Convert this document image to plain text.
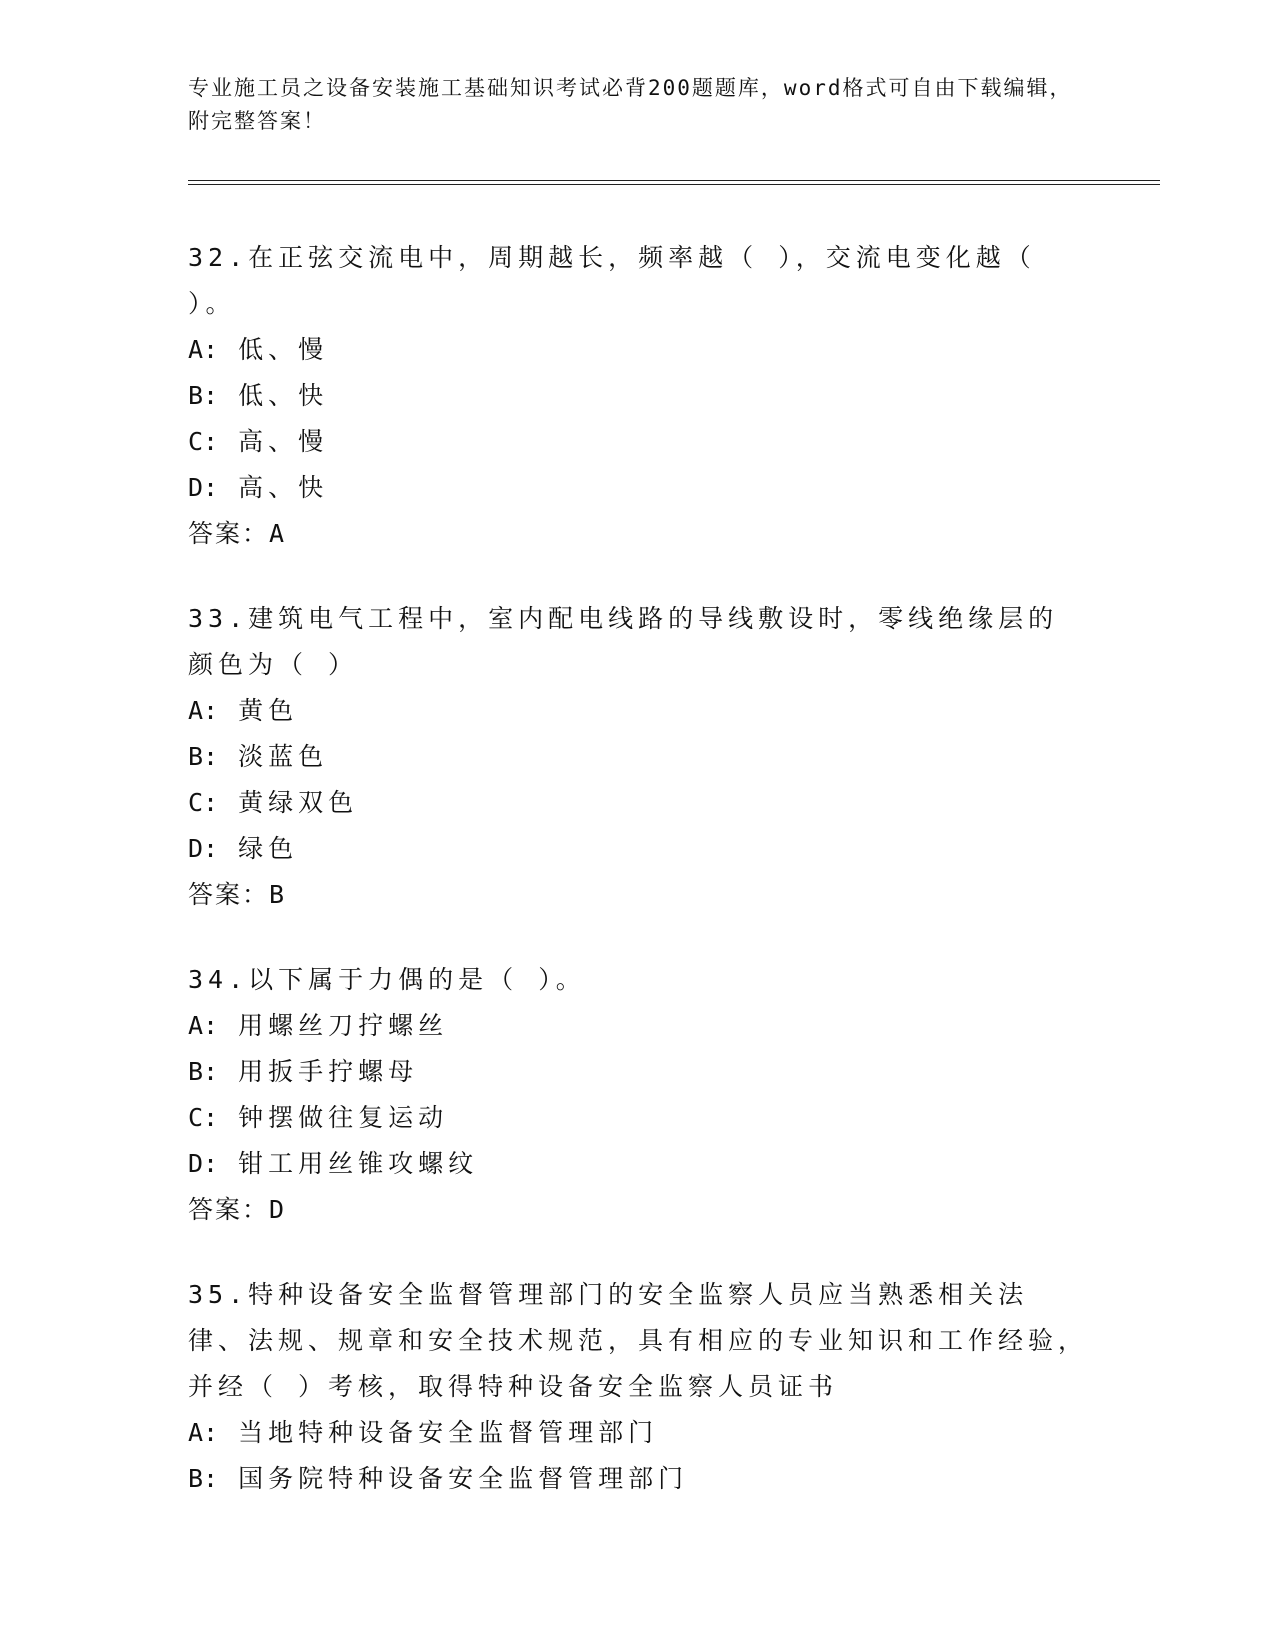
专业施工员之设备安装施工基础知识考试必背200题题库，word格式可自由下载编辑，附完整答案！
32.在正弦交流电中，周期越长，频率越（ ），交流电变化越（ ）。
A: 低、慢
B: 低、快
C: 高、慢
D: 高、快
答案：A
33.建筑电气工程中，室内配电线路的导线敷设时，零线绝缘层的颜色为（ ）
A: 黄色
B: 淡蓝色
C: 黄绿双色
D: 绿色
答案：B
34.以下属于力偶的是（ ）。
A: 用螺丝刀拧螺丝
B: 用扳手拧螺母
C: 钟摆做往复运动
D: 钳工用丝锥攻螺纹
答案：D
35.特种设备安全监督管理部门的安全监察人员应当熟悉相关法律、法规、规章和安全技术规范，具有相应的专业知识和工作经验，并经（ ）考核，取得特种设备安全监察人员证书
A: 当地特种设备安全监督管理部门
B: 国务院特种设备安全监督管理部门
